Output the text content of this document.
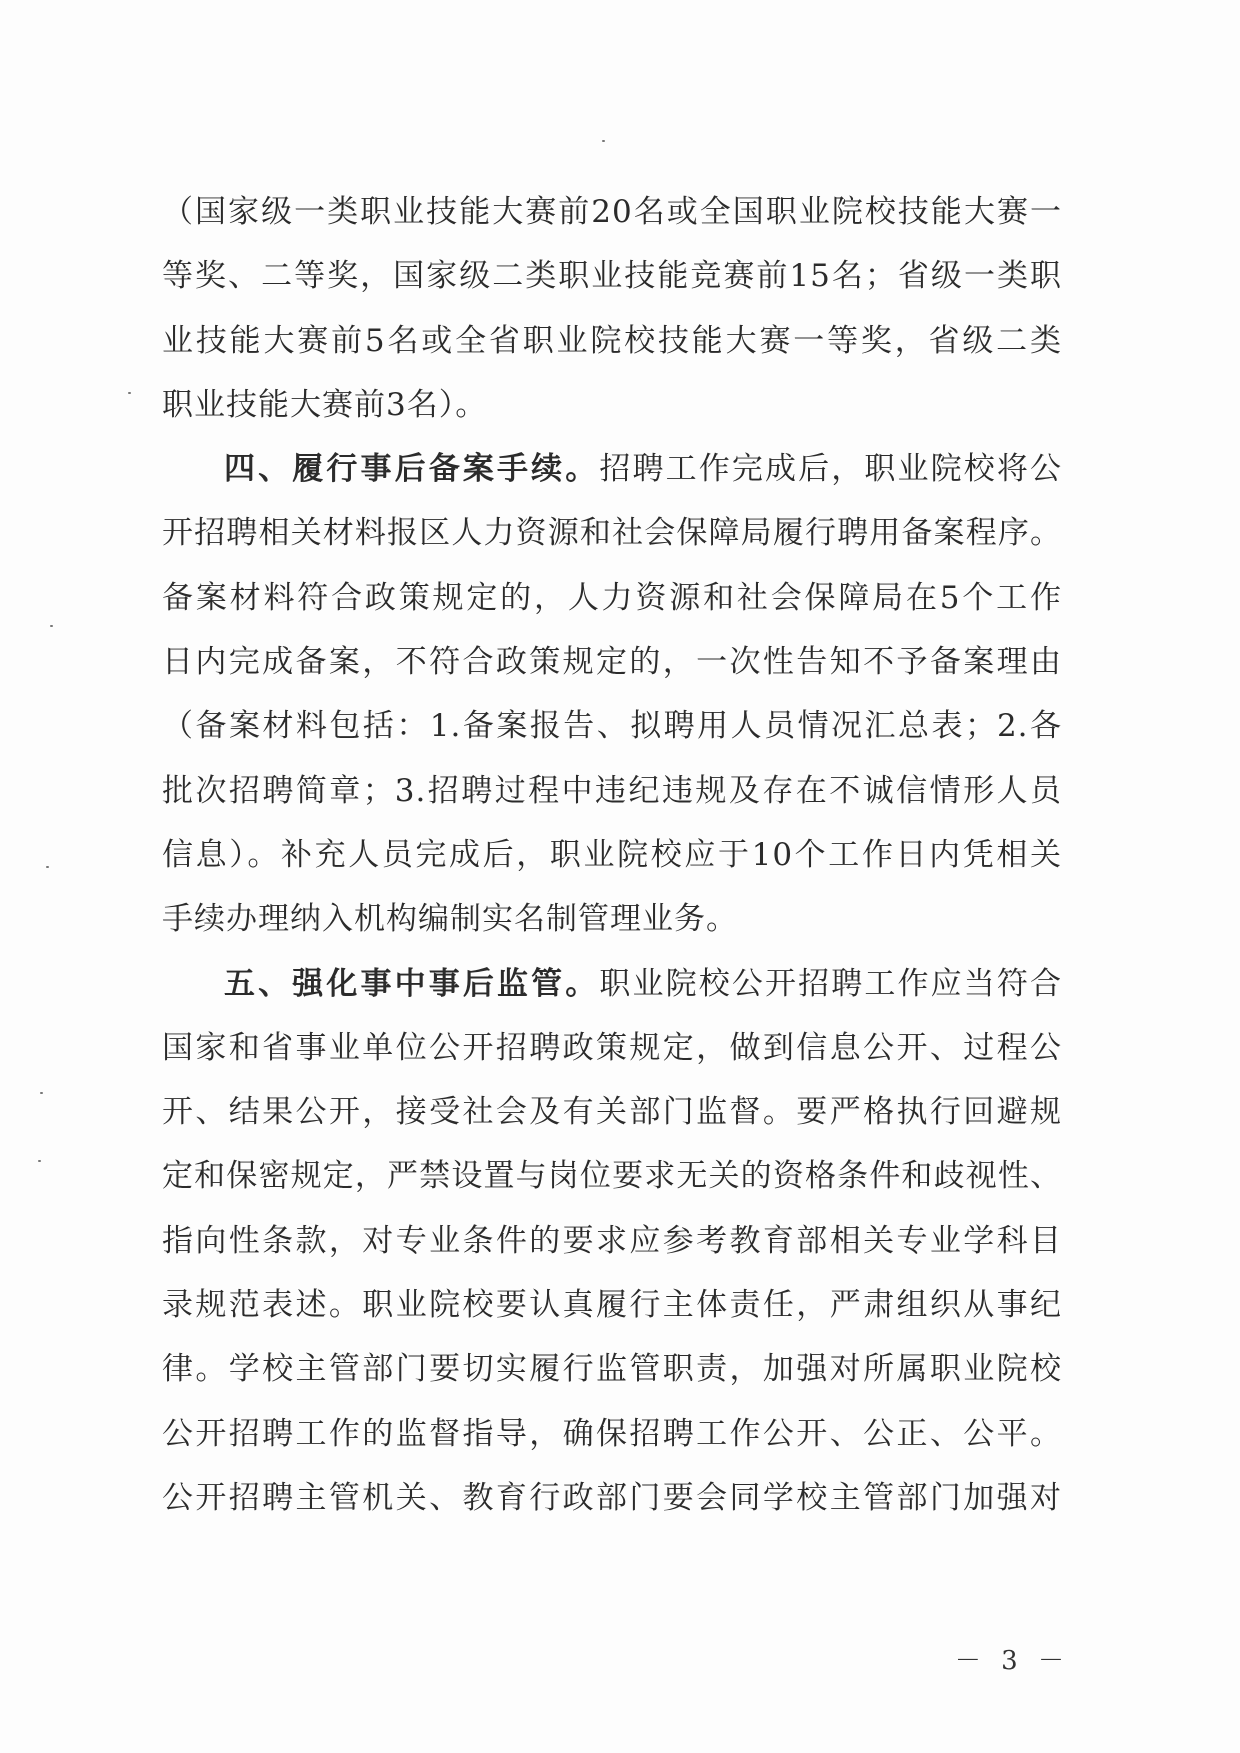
（国家级一类职业技能大赛前20名或全国职业院校技能大赛一
等奖、二等奖，国家级二类职业技能竞赛前15名；省级一类职
业技能大赛前5名或全省职业院校技能大赛一等奖，省级二类
职业技能大赛前3名）。
四、履行事后备案手续。招聘工作完成后，职业院校将公
开招聘相关材料报区人力资源和社会保障局履行聘用备案程序。
备案材料符合政策规定的，人力资源和社会保障局在5个工作
日内完成备案，不符合政策规定的，一次性告知不予备案理由
（备案材料包括：1.备案报告、拟聘用人员情况汇总表；2.各
批次招聘简章；3.招聘过程中违纪违规及存在不诚信情形人员
信息）。补充人员完成后，职业院校应于10个工作日内凭相关
手续办理纳入机构编制实名制管理业务。
五、强化事中事后监管。职业院校公开招聘工作应当符合
国家和省事业单位公开招聘政策规定，做到信息公开、过程公
开、结果公开，接受社会及有关部门监督。要严格执行回避规
定和保密规定，严禁设置与岗位要求无关的资格条件和歧视性、
指向性条款，对专业条件的要求应参考教育部相关专业学科目
录规范表述。职业院校要认真履行主体责任，严肃组织从事纪
律。学校主管部门要切实履行监管职责，加强对所属职业院校
公开招聘工作的监督指导，确保招聘工作公开、公正、公平。
公开招聘主管机关、教育行政部门要会同学校主管部门加强对
－ 3 －
